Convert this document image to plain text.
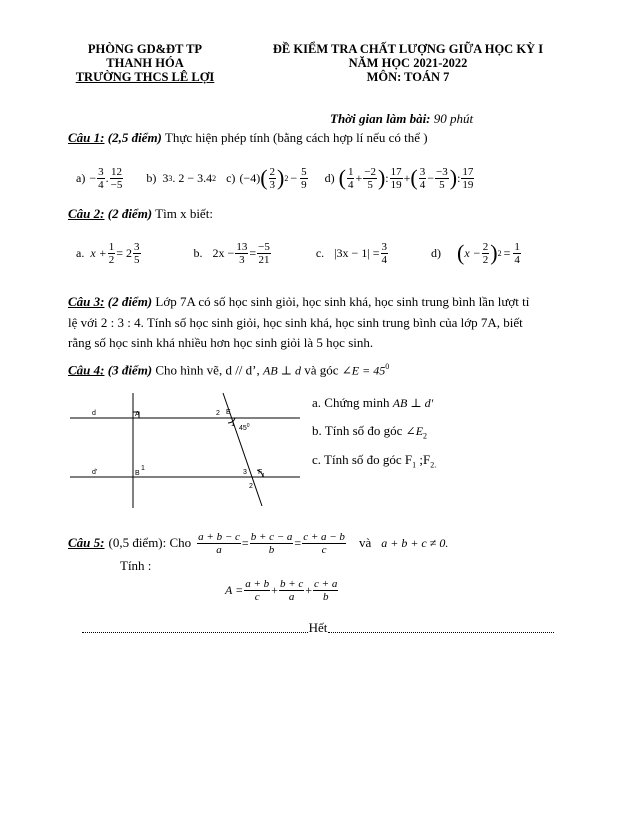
PHÒNG GD&ĐT TP
THANH HÓA
TRƯỜNG THCS LÊ LỢI
ĐỀ KIỂM TRA CHẤT LƯỢNG GIỮA HỌC KỲ I
NĂM HỌC 2021-2022
MÔN: TOÁN 7
Thời gian làm bài: 90 phút
Câu 1: (2,5 điểm) Thực hiện phép tính (bằng cách hợp lí nếu có thể )
$a) - \frac{3}{4}$ . $\frac{12}{-5} b$) 3 3 . 2 − 3.4 2 c) (−4) ( $\frac{2}{3}$ ) $2 - \frac{5}{9} d$) ( $\frac{1}{4} + \frac{-2}{5}$ ) : $\frac{17}{19}$ + ( $\frac{3}{4} - \frac{-3}{5}$ ) : $\frac{17}{19}$
Câu 2: (2 điểm) Tìm x biết:
a. $x + \frac{1}{2} = 2 \frac{3}{5}$	b. $2x - \frac{13}{3} = \frac{-5}{21}$	c. $|3x - 1| = \frac{3}{4}$	d) ( $x - \frac{2}{2}$ ) $2 = \frac{1}{4}$
Câu 3: (2 điểm) Lớp 7A có số học sinh giỏi, học sinh khá, học sinh trung bình lần lượt tỉ
lệ với 2 : 3 : 4. Tính số học sinh giỏi, học sinh khá, học sinh trung bình của lớp 7A, biết
rằng số học sinh khá nhiều hơn học sinh giỏi là 5 học sinh.
Câu 4: (3 điểm) Cho hình vẽ, d // d’, AB ⊥ d và góc ∠E = $45^0$
d
d'
A
B
1
2 E
1
$45^0$
3 $F_1$
2
a. Chứng minh AB ⊥ d'
b. Tính số đo góc $\angle E_2$
c. Tính số đo góc $F_1$ $;F_{2.}$
Câu 5: (0,5 điểm): Cho $\frac{a + b - c}{a} = \frac{b + c - a}{b} = \frac{c + a - b}{c}$ và a + b + c ≠ 0.
Tính :
$A = \frac{a + b}{c} + \frac{b + c}{a} + \frac{c + a}{b}$
Hết
